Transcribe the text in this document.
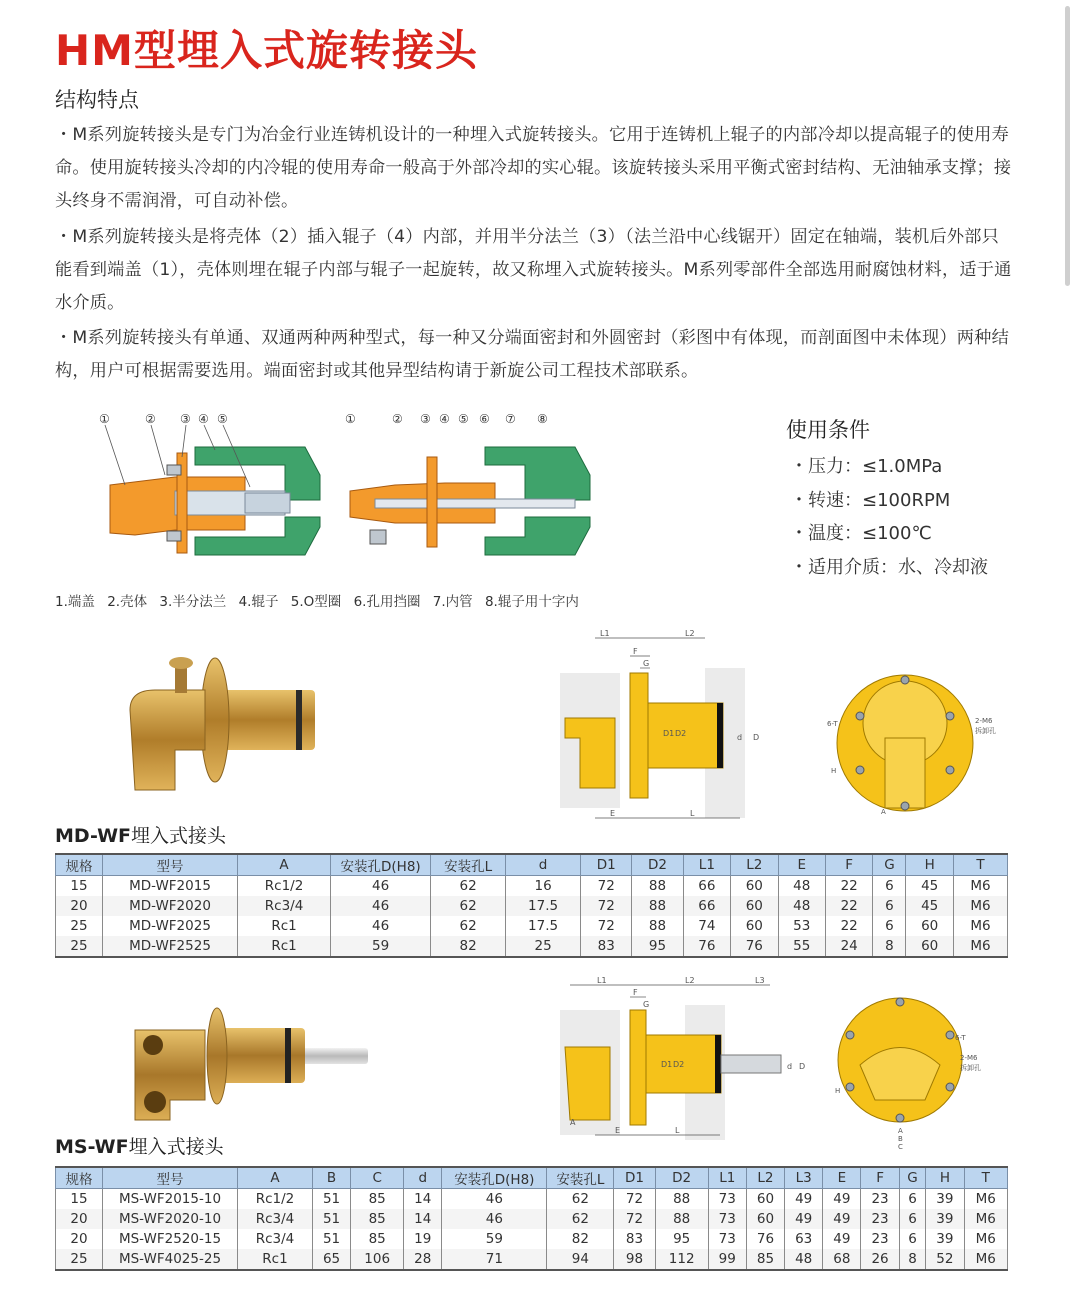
HM型埋入式旋转接头
结构特点

・M系列旋转接头是专门为冶金行业连铸机设计的一种埋入式旋转接头。它用于连铸机上辊子的内部冷却以提高辊子的使用寿命。使用旋转接头冷却的内冷辊的使用寿命一般高于外部冷却的实心辊。该旋转接头采用平衡式密封结构、无油轴承支撑；接头终身不需润滑，可自动补偿。

・M系列旋转接头是将壳体（2）插入辊子（4）内部，并用半分法兰（3）（法兰沿中心线锯开）固定在轴端，装机后外部只能看到端盖（1），壳体则埋在辊子内部与辊子一起旋转，故又称埋入式旋转接头。M系列零部件全部选用耐腐蚀材料，适于通水介质。

・M系列旋转接头有单通、双通两种两种型式，每一种又分端面密封和外圆密封（彩图中有体现，而剖面图中未体现）两种结构，用户可根据需要选用。端面密封或其他异型结构请于新旋公司工程技术部联系。

①	② ③ ④ ⑤	①	② ③ ④ ⑤ ⑥ ⑦ ⑧	使用条件
・压力：≤1.0MPa
・转速：≤100RPM
・温度：≤100℃
・适用介质：水、冷却液
1.端盖 2.壳体 3.半分法兰 4.辊子 5.O型圈 6.孔用挡圈 7.内管 8.辊子用十字内
L1	L2
F
G
D1 D2	d D
E	L
6-T	2-M6
拆卸孔
H
A
MD-WF埋入式接头
规格	型号	A	安装孔D(H8)	安装孔L	d	D1	D2	L1	L2	E	F	G	H	T
15	MD-WF2015	Rc1/2	46	62	16	72	88	66	60	48	22	6	45	M6
20	MD-WF2020	Rc3/4	46	62	17.5	72	88	66	60	48	22	6	45	M6
25	MD-WF2025	Rc1	46	62	17.5	72	88	74	60	53	22	6	60	M6
25	MD-WF2525	Rc1	59	82	25	83	95	76	76	55	24	8	60	M6
L1	L2	L3
F
G
D1 D2	d D
A
E	L
6-T
2-M6
拆卸孔
H
A
B
C
MS-WF埋入式接头
规格	型号	A	B	C	d	安装孔D(H8)	安装孔L	D1	D2	L1	L2	L3	E	F	G	H	T
15	MS-WF2015-10	Rc1/2	51	85	14	46	62	72	88	73	60	49	49	23	6	39	M6
20	MS-WF2020-10	Rc3/4	51	85	14	46	62	72	88	73	60	49	49	23	6	39	M6
20	MS-WF2520-15	Rc3/4	51	85	19	59	82	83	95	73	76	63	49	23	6	39	M6
25	MS-WF4025-25	Rc1	65	106	28	71	94	98	112	99	85	48	68	26	8	52	M6
